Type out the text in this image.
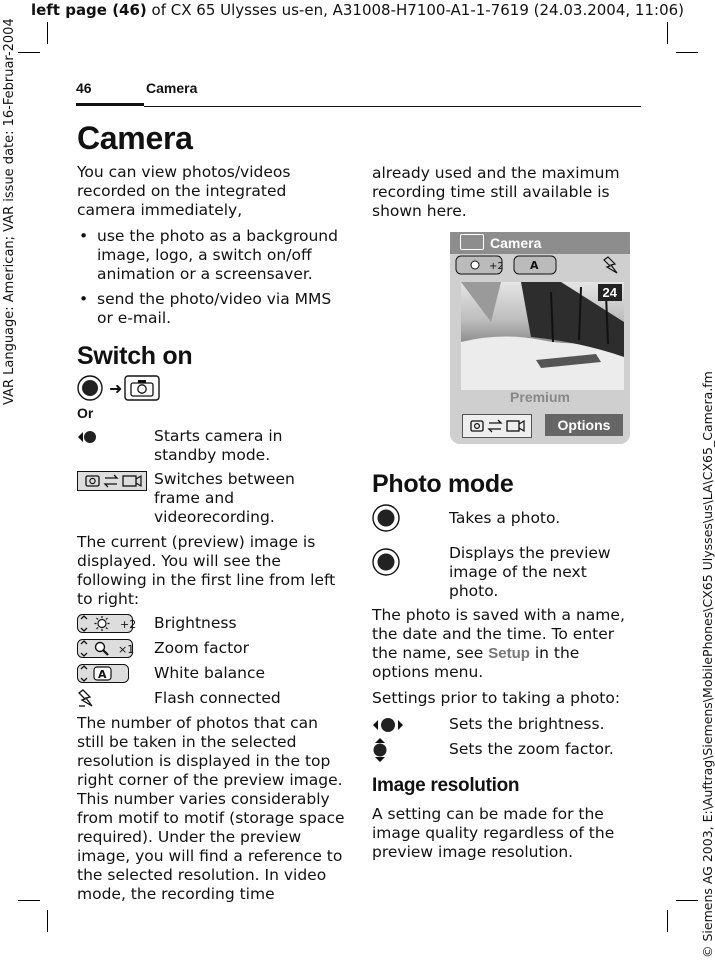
left page (46) of CX 65 Ulysses us-en, A31008-H7100-A1-1-7619 (24.03.2004, 11:06)
VAR Language: American; VAR issue date: 16-Februar-2004
© Siemens AG 2003, E:\Auftrag\Siemens\MobilePhones\CX65 Ulysses\us\LA\CX65_Camera.fm
46	Camera
Camera

You can view photos/videos recorded on the integrated camera immediately,

• use the photo as a background image, logo, a switch on/off animation or a screensaver.
• send the photo/video via MMS or e-mail.
Switch on
➜
Or
Starts camera in standby mode.
Switches between frame and videorecording.

The current (preview) image is displayed. You will see the following in the first line from left to right:

+2 Brightness
×1 Zoom factor
A	White balance
Flash connected

The number of photos that can still be taken in the selected resolution is displayed in the top right corner of the preview image. This number varies considerably from motif to motif (storage space required). Under the preview image, you will find a reference to the selected resolution. In video mode, the recording time

already used and the maximum recording time still available is shown here.

Camera
+2 A
24
Premium
Options
Photo mode
Takes a photo.
Displays the preview image of the next photo.

The photo is saved with a name, the date and the time. To enter the name, see Setup in the options menu.

Settings prior to taking a photo:

Sets the brightness.
Sets the zoom factor.
Image resolution

A setting can be made for the image quality regardless of the preview image resolution.
